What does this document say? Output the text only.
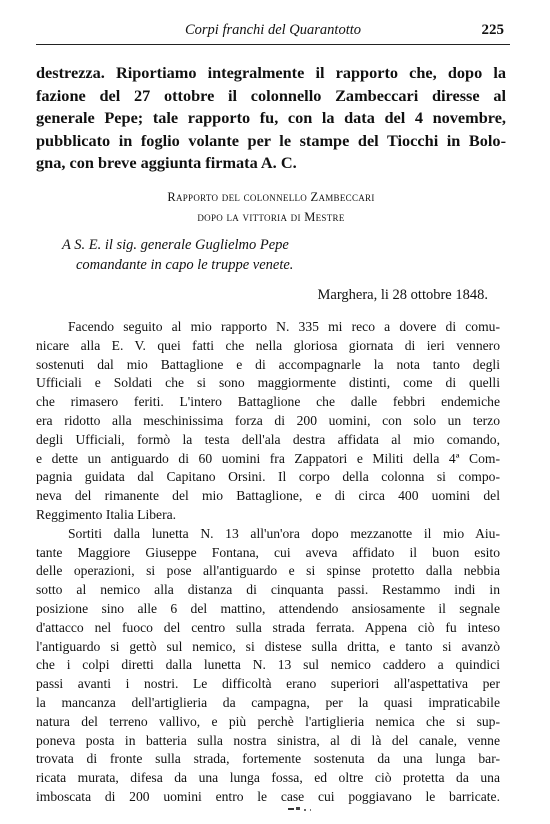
Corpi franchi del Quarantotto	225
destrezza. Riportiamo integralmente il rapporto che, dopo la
fazione del 27 ottobre il colonnello Zambeccari diresse al
generale Pepe; tale rapporto fu, con la data del 4 novembre,
pubblicato in foglio volante per le stampe del Tiocchi in Bolo-
gna, con breve aggiunta firmata A. C.
Rapporto del colonnello Zambeccari
dopo la vittoria di Mestre
A S. E. il sig. generale Guglielmo Pepe
comandante in capo le truppe venete.
Marghera, li 28 ottobre 1848.
Facendo seguito al mio rapporto N. 335 mi reco a dovere di comu-
nicare alla E. V. quei fatti che nella gloriosa giornata di ieri vennero
sostenuti dal mio Battaglione e di accompagnarle la nota tanto degli
Ufficiali e Soldati che si sono maggiormente distinti, come di quelli
che rimasero feriti. L'intero Battaglione che dalle febbri endemiche
era ridotto alla meschinissima forza di 200 uomini, con solo un terzo
degli Ufficiali, formò la testa dell'ala destra affidata al mio comando,
e dette un antiguardo di 60 uomini fra Zappatori e Militi della 4ª Com-
pagnia guidata dal Capitano Orsini. Il corpo della colonna si compo-
neva del rimanente del mio Battaglione, e di circa 400 uomini del
Reggimento Italia Libera.
Sortiti dalla lunetta N. 13 all'un'ora dopo mezzanotte il mio Aiu-
tante Maggiore Giuseppe Fontana, cui aveva affidato il buon esito
delle operazioni, si pose all'antiguardo e si spinse protetto dalla nebbia
sotto al nemico alla distanza di cinquanta passi. Restammo indi in
posizione sino alle 6 del mattino, attendendo ansiosamente il segnale
d'attacco nel fuoco del centro sulla strada ferrata. Appena ciò fu inteso
l'antiguardo si gettò sul nemico, si distese sulla dritta, e tanto si avanzò
che i colpi diretti dalla lunetta N. 13 sul nemico caddero a quindici
passi avanti i nostri. Le difficoltà erano superiori all'aspettativa per
la mancanza dell'artiglieria da campagna, per la quasi impraticabile
natura del terreno vallivo, e più perchè l'artiglieria nemica che si sup-
poneva posta in batteria sulla nostra sinistra, al di là del canale, venne
trovata di fronte sulla strada, fortemente sostenuta da una lunga bar-
ricata murata, difesa da una lunga fossa, ed oltre ciò protetta da una
imboscata di 200 uomini entro le case cui poggiavano le barricate.
